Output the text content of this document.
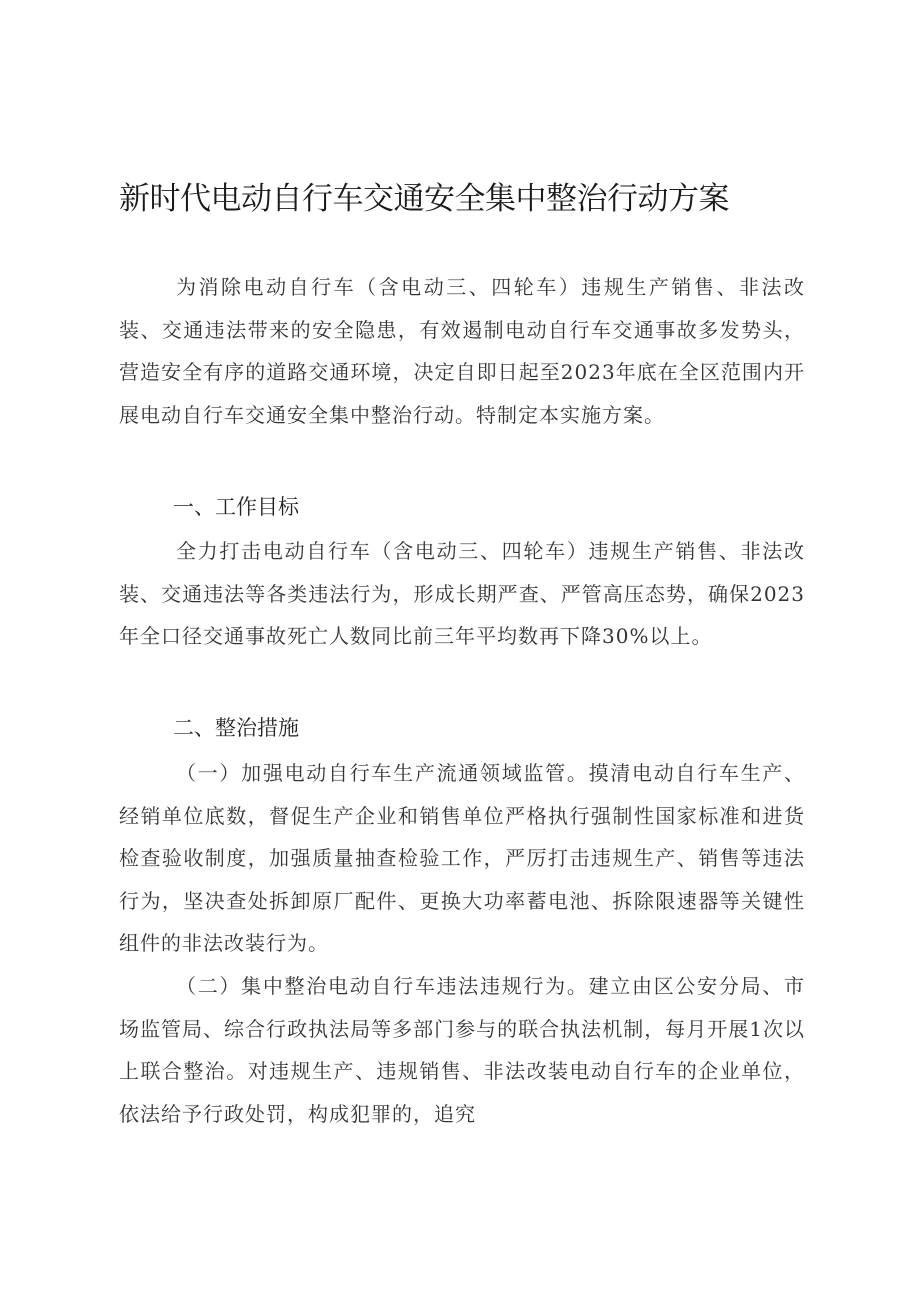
新时代电动自行车交通安全集中整治行动方案

为消除电动自行车（含电动三、四轮车）违规生产销售、非法改装、交通违法带来的安全隐患，有效遏制电动自行车交通事故多发势头，营造安全有序的道路交通环境，决定自即日起至2023年底在全区范围内开展电动自行车交通安全集中整治行动。特制定本实施方案。

一、工作目标

全力打击电动自行车（含电动三、四轮车）违规生产销售、非法改装、交通违法等各类违法行为，形成长期严查、严管高压态势，确保2023年全口径交通事故死亡人数同比前三年平均数再下降30%以上。

二、整治措施

（一）加强电动自行车生产流通领域监管。摸清电动自行车生产、经销单位底数，督促生产企业和销售单位严格执行强制性国家标准和进货检查验收制度，加强质量抽查检验工作，严厉打击违规生产、销售等违法行为，坚决查处拆卸原厂配件、更换大功率蓄电池、拆除限速器等关键性组件的非法改装行为。

（二）集中整治电动自行车违法违规行为。建立由区公安分局、市场监管局、综合行政执法局等多部门参与的联合执法机制，每月开展1次以上联合整治。对违规生产、违规销售、非法改装电动自行车的企业单位，依法给予行政处罚，构成犯罪的，追究
